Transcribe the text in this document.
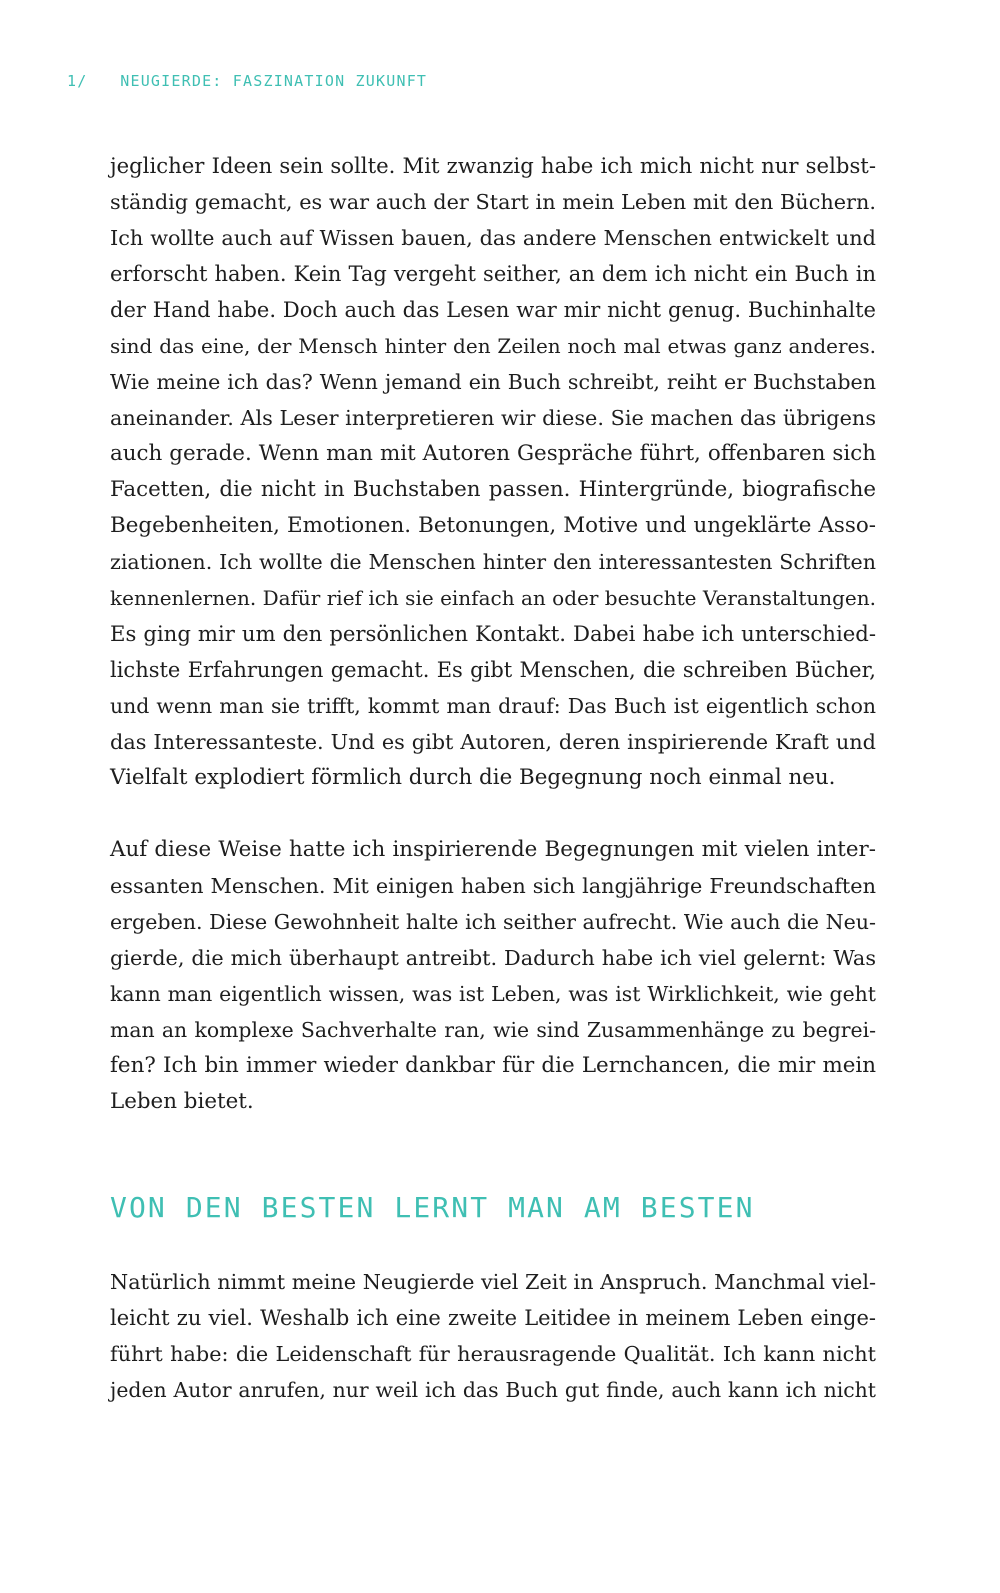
1/ NEUGIERDE: FASZINATION ZUKUNFT
jeglicher Ideen sein sollte. Mit zwanzig habe ich mich nicht nur selbst-
ständig gemacht, es war auch der Start in mein Leben mit den Büchern.
Ich wollte auch auf Wissen bauen, das andere Menschen entwickelt und
erforscht haben. Kein Tag vergeht seither, an dem ich nicht ein Buch in
der Hand habe. Doch auch das Lesen war mir nicht genug. Buchinhalte
sind das eine, der Mensch hinter den Zeilen noch mal etwas ganz anderes.
Wie meine ich das? Wenn jemand ein Buch schreibt, reiht er Buchstaben
aneinander. Als Leser interpretieren wir diese. Sie machen das übrigens
auch gerade. Wenn man mit Autoren Gespräche führt, offenbaren sich
Facetten, die nicht in Buchstaben passen. Hintergründe, biografische
Begebenheiten, Emotionen. Betonungen, Motive und ungeklärte Asso-
ziationen. Ich wollte die Menschen hinter den interessantesten Schriften
kennenlernen. Dafür rief ich sie einfach an oder besuchte Veranstaltungen.
Es ging mir um den persönlichen Kontakt. Dabei habe ich unterschied-
lichste Erfahrungen gemacht. Es gibt Menschen, die schreiben Bücher,
und wenn man sie trifft, kommt man drauf: Das Buch ist eigentlich schon
das Interessanteste. Und es gibt Autoren, deren inspirierende Kraft und
Vielfalt explodiert förmlich durch die Begegnung noch einmal neu.
Auf diese Weise hatte ich inspirierende Begegnungen mit vielen inter-
essanten Menschen. Mit einigen haben sich langjährige Freundschaften
ergeben. Diese Gewohnheit halte ich seither aufrecht. Wie auch die Neu-
gierde, die mich überhaupt antreibt. Dadurch habe ich viel gelernt: Was
kann man eigentlich wissen, was ist Leben, was ist Wirklichkeit, wie geht
man an komplexe Sachverhalte ran, wie sind Zusammenhänge zu begrei-
fen? Ich bin immer wieder dankbar für die Lernchancen, die mir mein
Leben bietet.
VON DEN BESTEN LERNT MAN AM BESTEN
Natürlich nimmt meine Neugierde viel Zeit in Anspruch. Manchmal viel-
leicht zu viel. Weshalb ich eine zweite Leitidee in meinem Leben einge-
führt habe: die Leidenschaft für herausragende Qualität. Ich kann nicht
jeden Autor anrufen, nur weil ich das Buch gut finde, auch kann ich nicht
